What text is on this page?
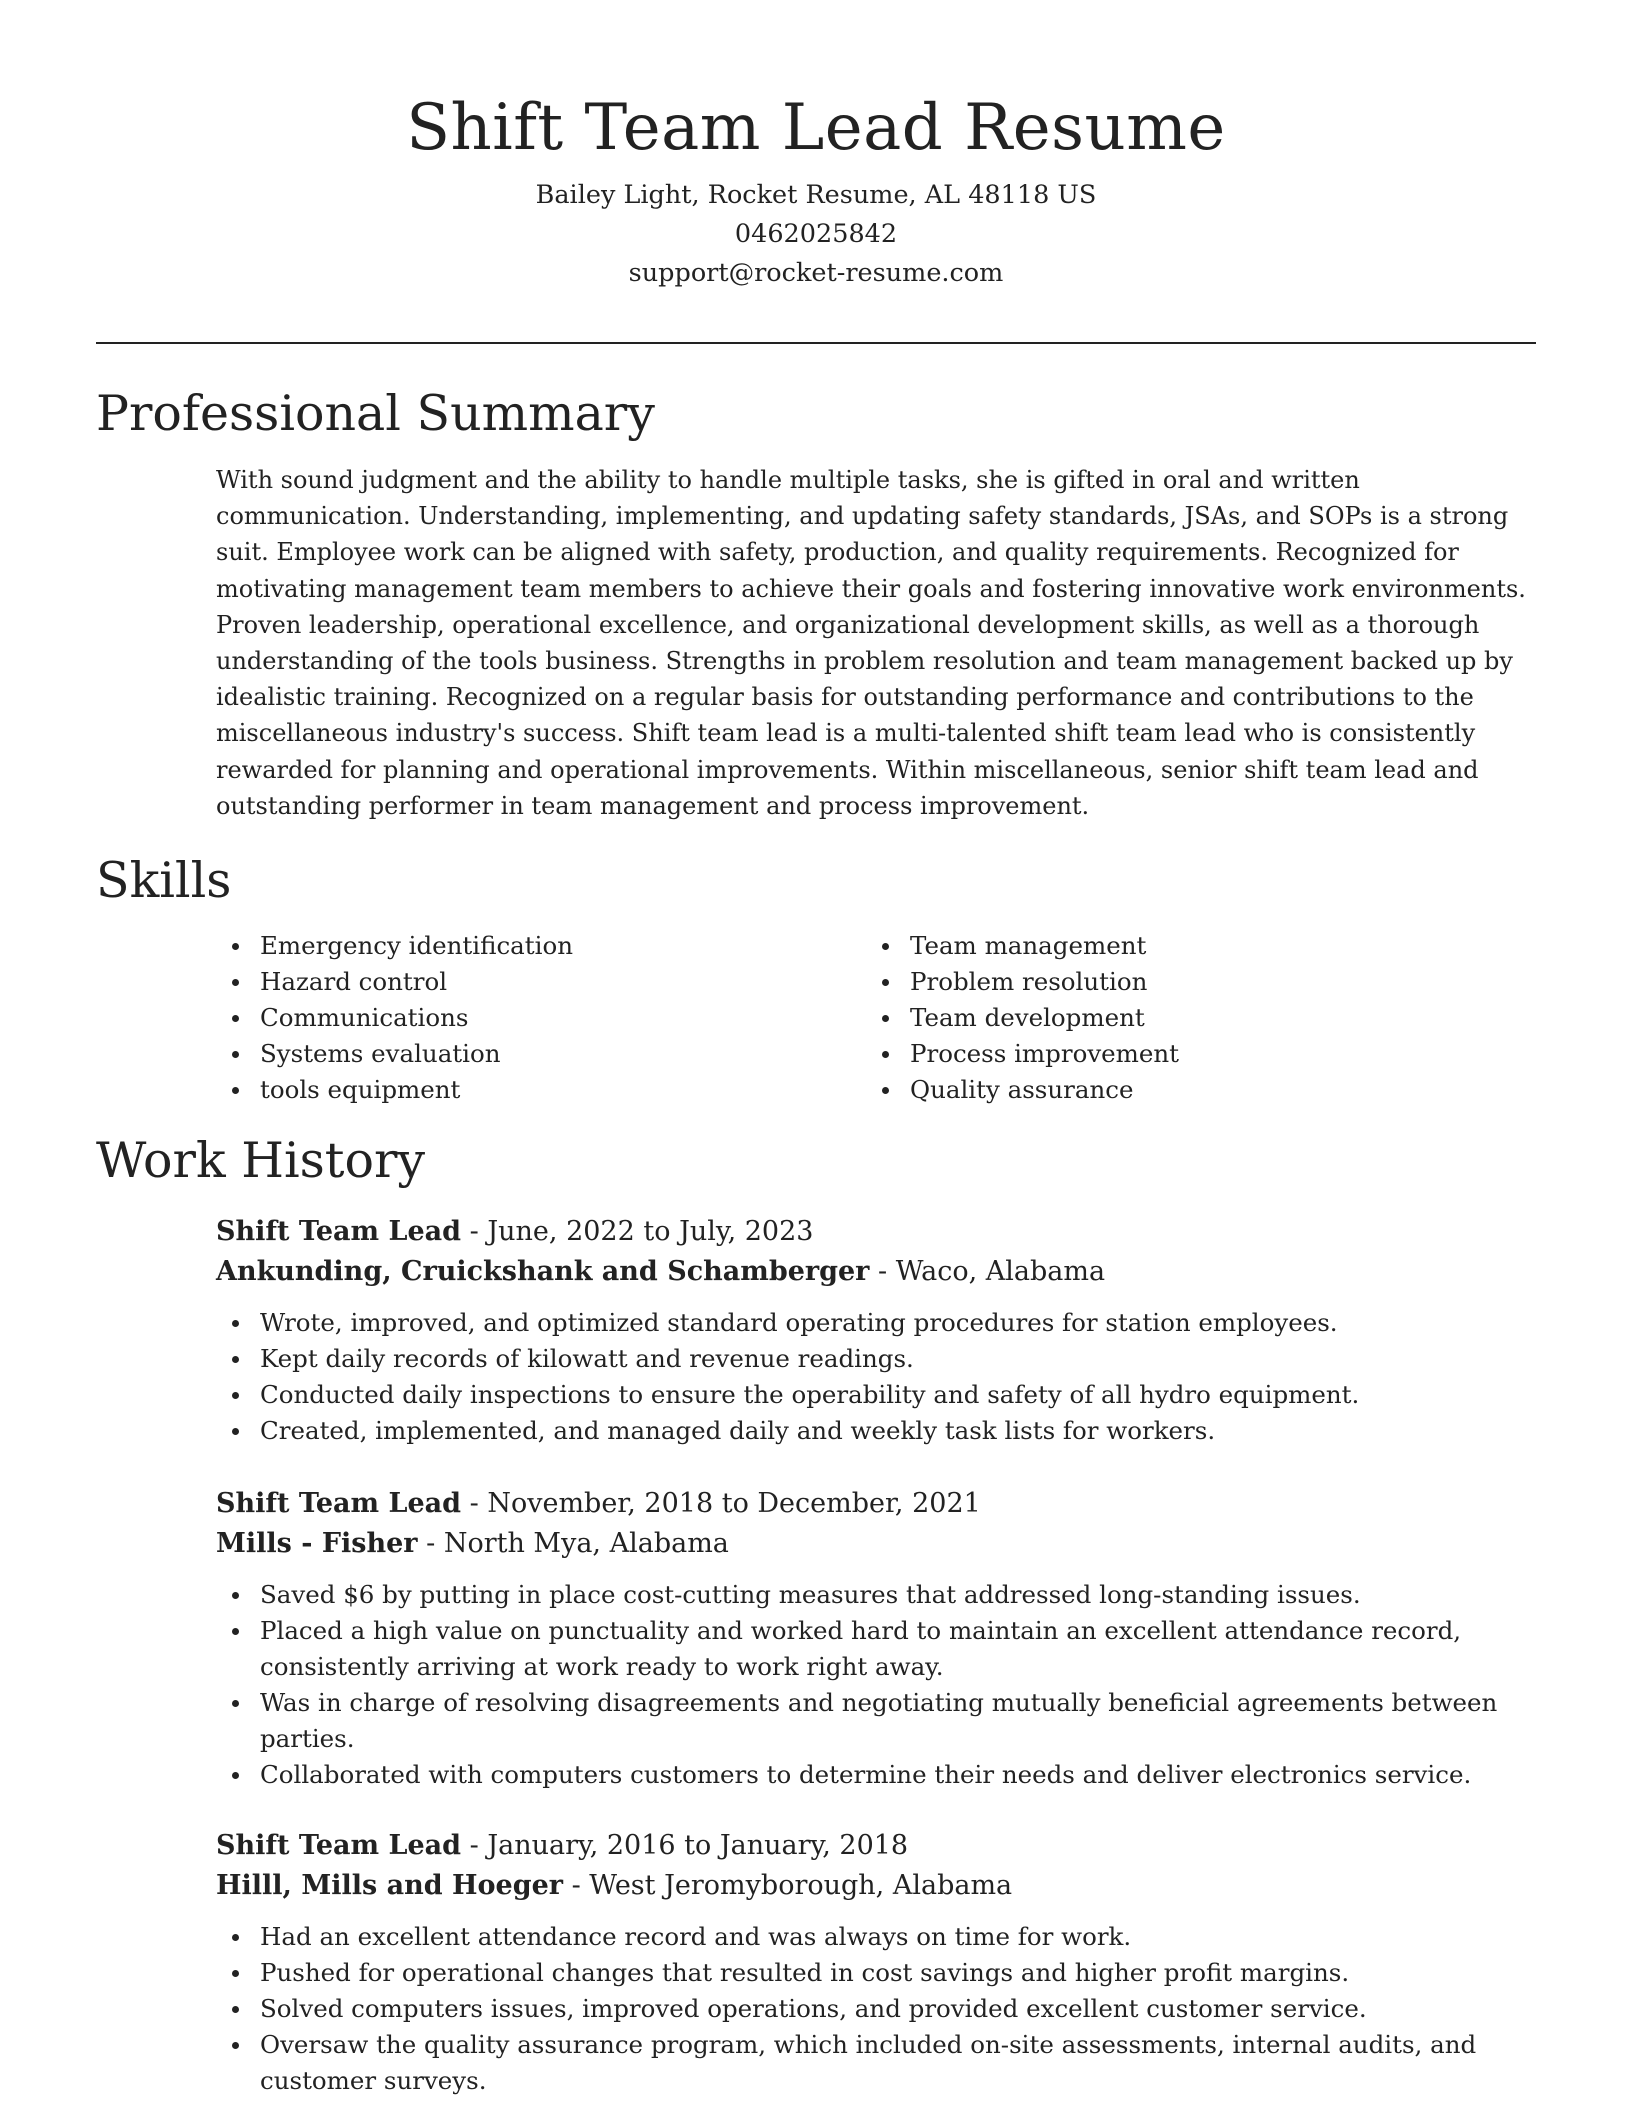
Shift Team Lead Resume
Bailey Light, Rocket Resume, AL 48118 US
0462025842
support@rocket-resume.com
Professional Summary

With sound judgment and the ability to handle multiple tasks, she is gifted in oral and written communication. Understanding, implementing, and updating safety standards, JSAs, and SOPs is a strong suit. Employee work can be aligned with safety, production, and quality requirements. Recognized for motivating management team members to achieve their goals and fostering innovative work environments. Proven leadership, operational excellence, and organizational development skills, as well as a thorough understanding of the tools business. Strengths in problem resolution and team management backed up by idealistic training. Recognized on a regular basis for outstanding performance and contributions to the miscellaneous industry's success. Shift team lead is a multi-talented shift team lead who is consistently rewarded for planning and operational improvements. Within miscellaneous, senior shift team lead and outstanding performer in team management and process improvement.

Skills
Emergency identification
Hazard control
Communications
Systems evaluation
tools equipment
Team management
Problem resolution
Team development
Process improvement
Quality assurance
Work History
Shift Team Lead - June, 2022 to July, 2023
Ankunding, Cruickshank and Schamberger - Waco, Alabama
Wrote, improved, and optimized standard operating procedures for station employees.
Kept daily records of kilowatt and revenue readings.
Conducted daily inspections to ensure the operability and safety of all hydro equipment.
Created, implemented, and managed daily and weekly task lists for workers.
Shift Team Lead - November, 2018 to December, 2021
Mills - Fisher - North Mya, Alabama
Saved $6 by putting in place cost-cutting measures that addressed long-standing issues.
Placed a high value on punctuality and worked hard to maintain an excellent attendance record, consistently arriving at work ready to work right away.
Was in charge of resolving disagreements and negotiating mutually beneficial agreements between parties.
Collaborated with computers customers to determine their needs and deliver electronics service.
Shift Team Lead - January, 2016 to January, 2018
Hilll, Mills and Hoeger - West Jeromyborough, Alabama
Had an excellent attendance record and was always on time for work.
Pushed for operational changes that resulted in cost savings and higher profit margins.
Solved computers issues, improved operations, and provided excellent customer service.
Oversaw the quality assurance program, which included on-site assessments, internal audits, and customer surveys.
